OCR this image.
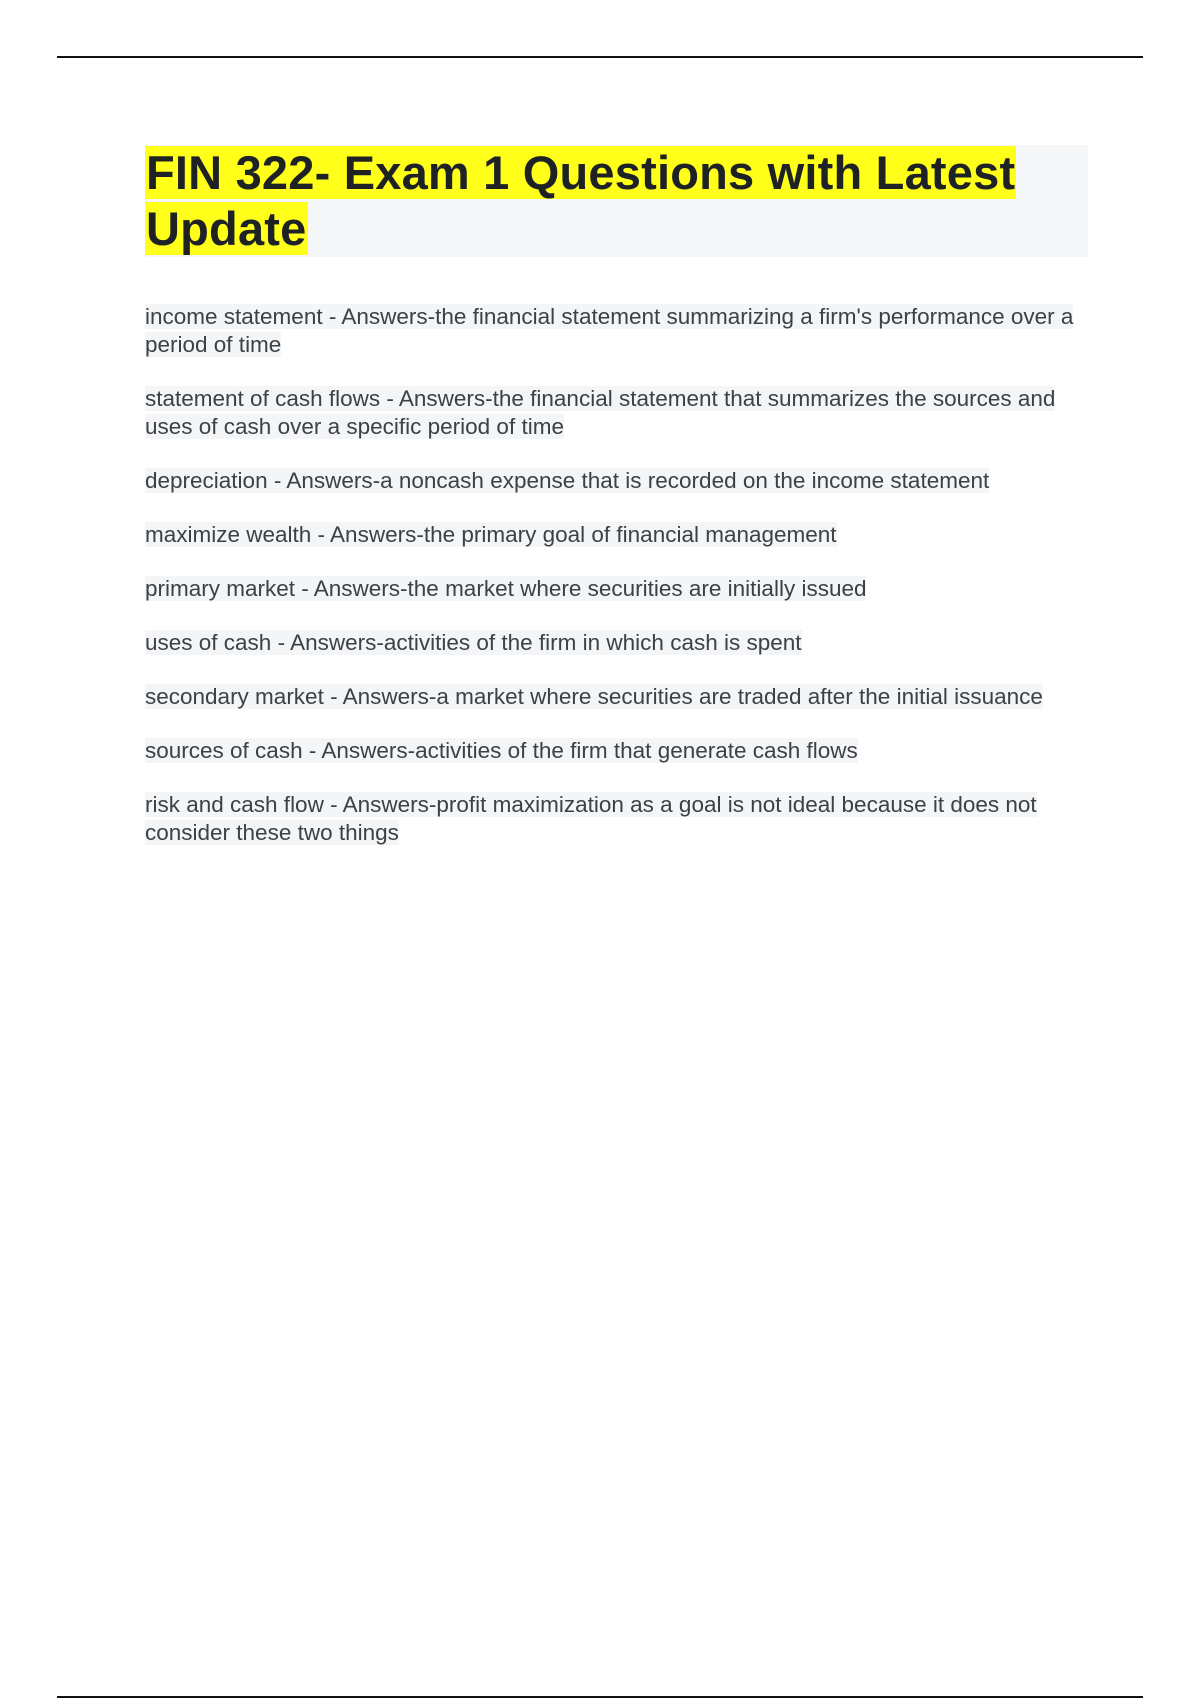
FIN 322- Exam 1 Questions with Latest Update
income statement - Answers-the financial statement summarizing a firm's performance over a period of time
statement of cash flows - Answers-the financial statement that summarizes the sources and uses of cash over a specific period of time
depreciation - Answers-a noncash expense that is recorded on the income statement
maximize wealth - Answers-the primary goal of financial management
primary market - Answers-the market where securities are initially issued
uses of cash - Answers-activities of the firm in which cash is spent
secondary market - Answers-a market where securities are traded after the initial issuance
sources of cash - Answers-activities of the firm that generate cash flows
risk and cash flow - Answers-profit maximization as a goal is not ideal because it does not consider these two things
